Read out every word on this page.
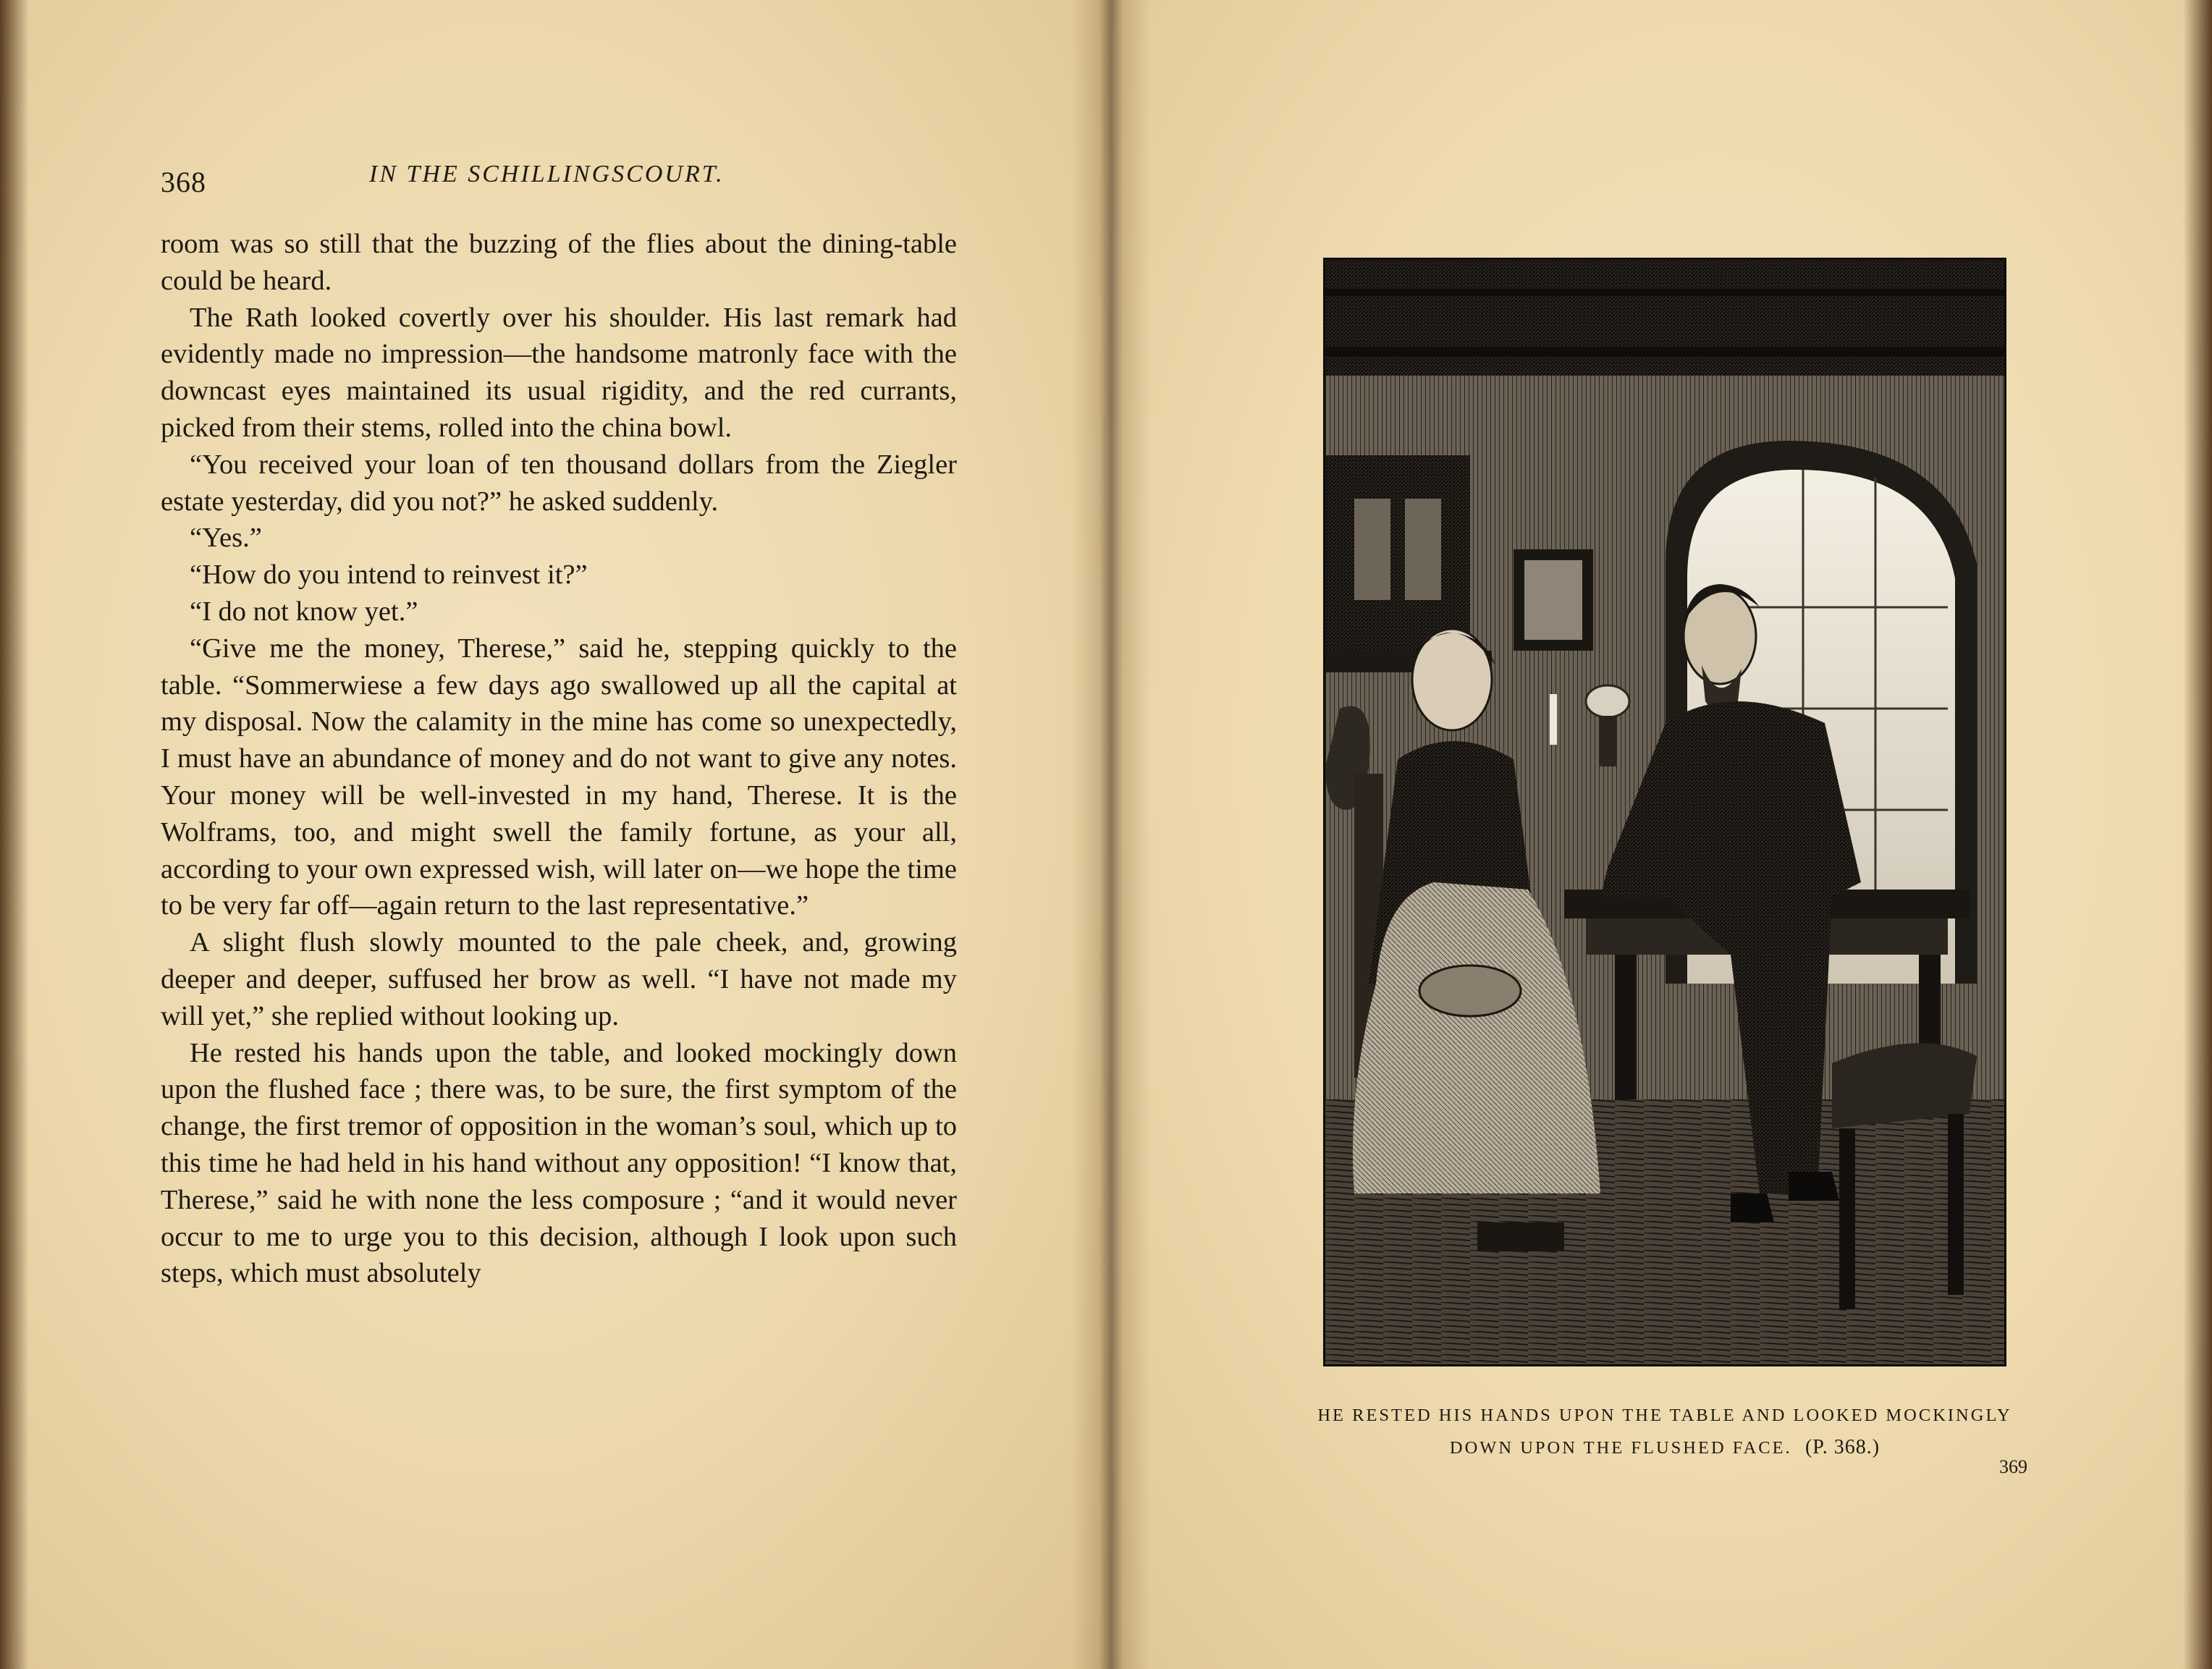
368	IN THE SCHILLINGSCOURT.

room was so still that the buzzing of the flies about the dining-table could be heard.

The Rath looked covertly over his shoulder. His last remark had evidently made no impression—the handsome matronly face with the downcast eyes maintained its usual rigidity, and the red currants, picked from their stems, rolled into the china bowl.

“You received your loan of ten thousand dollars from the Ziegler estate yesterday, did you not?” he asked suddenly.

“Yes.”

“How do you intend to reinvest it?”

“I do not know yet.”

“Give me the money, Therese,” said he, stepping quickly to the table. “Sommerwiese a few days ago swallowed up all the capital at my disposal. Now the calamity in the mine has come so unexpectedly, I must have an abundance of money and do not want to give any notes. Your money will be well-invested in my hand, Therese. It is the Wolframs, too, and might swell the family fortune, as your all, according to your own expressed wish, will later on—we hope the time to be very far off—again return to the last representative.”

A slight flush slowly mounted to the pale cheek, and, growing deeper and deeper, suffused her brow as well. “I have not made my will yet,” she replied without looking up.

He rested his hands upon the table, and looked mockingly down upon the flushed face ; there was, to be sure, the first symptom of the change, the first tremor of opposition in the woman’s soul, which up to this time he had held in his hand without any opposition! “I know that, Therese,” said he with none the less composure ; “and it would never occur to me to urge you to this decision, although I look upon such steps, which must absolutely

HE RESTED HIS HANDS UPON THE TABLE AND LOOKED MOCKINGLY
DOWN UPON THE FLUSHED FACE. (P. 368.)
369
